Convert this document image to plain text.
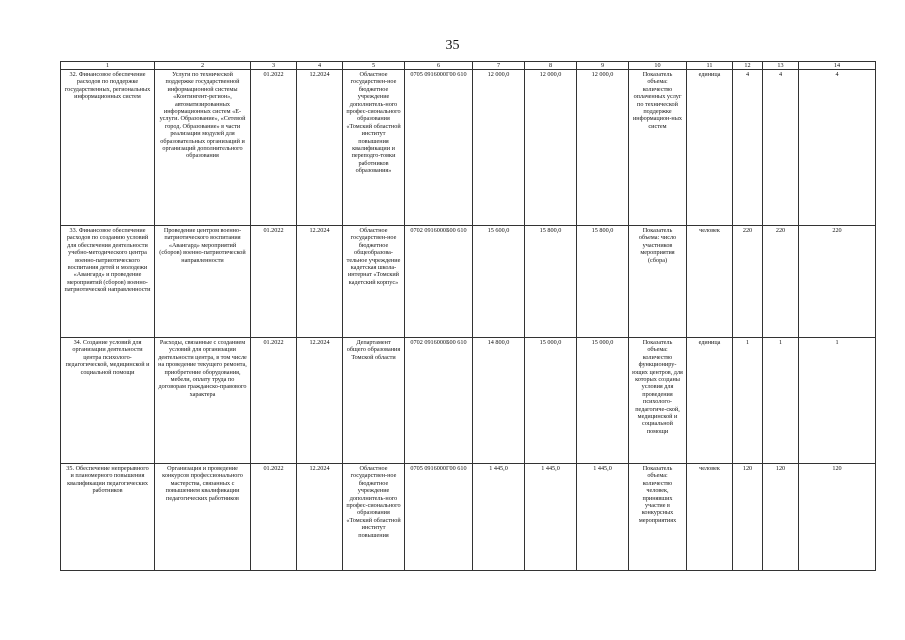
35
1	2	3	4	5	6	7	8	9	10	11	12	13	14
32. Финансовое обеспечение расходов по поддержке государственных, региональных информационных систем	Услуги по технической поддержке государственной информационной системы «Контингент-регион», автоматизированных информационных систем «Е-услуги. Образование», «Сетевой город. Образование» в части реализации модулей для образовательных организаций и организаций дополнительного образования	01.2022	12.2024	Областное государствен-ное бюджетное учреждение дополнитель-ного профес-сионального образования «Томский областной институт повышения квалификации и переподго-товки работников образования»	0705 0916000Г00 610	12 000,0	12 000,0	12 000,0	Показатель объема: количество оплаченных услуг по технической поддержке информацион-ных систем	единица	4	4	4
33. Финансовое обеспечение расходов по созданию условий для обеспечения деятельности учебно-методического центра военно-патриотического воспитания детей и молодежи «Авангард» и проведение мероприятий (сборов) военно-патриотической направленности	Проведение центром военно-патриотического воспитания «Авангард» мероприятий (сборов) военно-патриотической направленности	01.2022	12.2024	Областное государствен-ное бюджетное общеобразова-тельное учреждение кадетская школа-интернат «Томский кадетский корпус»	0702 0916000Б00 610	15 600,0	15 800,0	15 800,0	Показатель объема: число участников мероприятия (сбора)	человек	220	220	220
34. Создание условий для организации деятельности центра психолого-педагогической, медицинской и социальной помощи	Расходы, связанные с созданием условий для организации деятельности центра, в том числе на проведение текущего ремонта, приобретение оборудования, мебели, оплату труда по договорам гражданско-правового характера	01.2022	12.2024	Департамент общего образования Томской области	0702 0916000Б00 610	14 800,0	15 000,0	15 000,0	Показатель объема: количество функциониру-ющих центров, для которых созданы условия для проведения психолого-педагогиче-ской, медицинской и социальной помощи	единица	1	1	1
35. Обеспечение непрерывного и планомерного повышения квалификации педагогических работников	Организация и проведение конкурсов профессионального мастерства, связанных с повышением квалификации педагогических работников	01.2022	12.2024	Областное государствен-ное бюджетное учреждение дополнитель-ного профес-сионального образования «Томский областной институт повышения	0705 0916000Г00 610	1 445,0	1 445,0	1 445,0	Показатель объема: количество человек, принявших участие в конкурсных мероприятиях	человек	120	120	120
